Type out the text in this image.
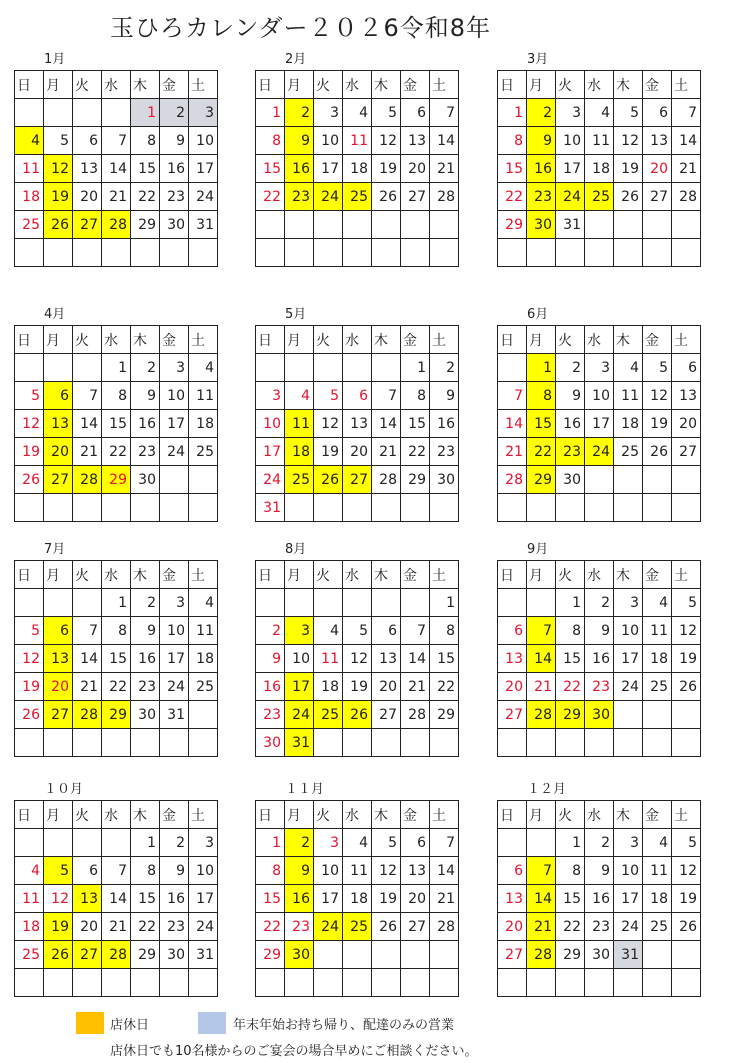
玉ひろカレンダー２０２6令和8年
1月
日	月	火	水	木	金	土
				1	2	3
4	5	6	7	8	9	10
11	12	13	14	15	16	17
18	19	20	21	22	23	24
25	26	27	28	29	30	31

2月
日	月	火	水	木	金	土
1	2	3	4	5	6	7
8	9	10	11	12	13	14
15	16	17	18	19	20	21
22	23	24	25	26	27	28

3月
日	月	火	水	木	金	土
1	2	3	4	5	6	7
8	9	10	11	12	13	14
15	16	17	18	19	20	21
22	23	24	25	26	27	28
29	30	31				

4月
日	月	火	水	木	金	土
			1	2	3	4
5	6	7	8	9	10	11
12	13	14	15	16	17	18
19	20	21	22	23	24	25
26	27	28	29	30		

5月
日	月	火	水	木	金	土
					1	2
3	4	5	6	7	8	9
10	11	12	13	14	15	16
17	18	19	20	21	22	23
24	25	26	27	28	29	30
31						
6月
日	月	火	水	木	金	土
	1	2	3	4	5	6
7	8	9	10	11	12	13
14	15	16	17	18	19	20
21	22	23	24	25	26	27
28	29	30				

7月
日	月	火	水	木	金	土
			1	2	3	4
5	6	7	8	9	10	11
12	13	14	15	16	17	18
19	20	21	22	23	24	25
26	27	28	29	30	31	

8月
日	月	火	水	木	金	土
						1
2	3	4	5	6	7	8
9	10	11	12	13	14	15
16	17	18	19	20	21	22
23	24	25	26	27	28	29
30	31					
9月
日	月	火	水	木	金	土
		1	2	3	4	5
6	7	8	9	10	11	12
13	14	15	16	17	18	19
20	21	22	23	24	25	26
27	28	29	30			

１０月
日	月	火	水	木	金	土
				1	2	3
4	5	6	7	8	9	10
11	12	13	14	15	16	17
18	19	20	21	22	23	24
25	26	27	28	29	30	31

１１月
日	月	火	水	木	金	土
1	2	3	4	5	6	7
8	9	10	11	12	13	14
15	16	17	18	19	20	21
22	23	24	25	26	27	28
29	30					

１２月
日	月	火	水	木	金	土
		1	2	3	4	5
6	7	8	9	10	11	12
13	14	15	16	17	18	19
20	21	22	23	24	25	26
27	28	29	30	31		

店休日	年末年始お持ち帰り、配達のみの営業
店休日でも10名様からのご宴会の場合早めにご相談ください。
